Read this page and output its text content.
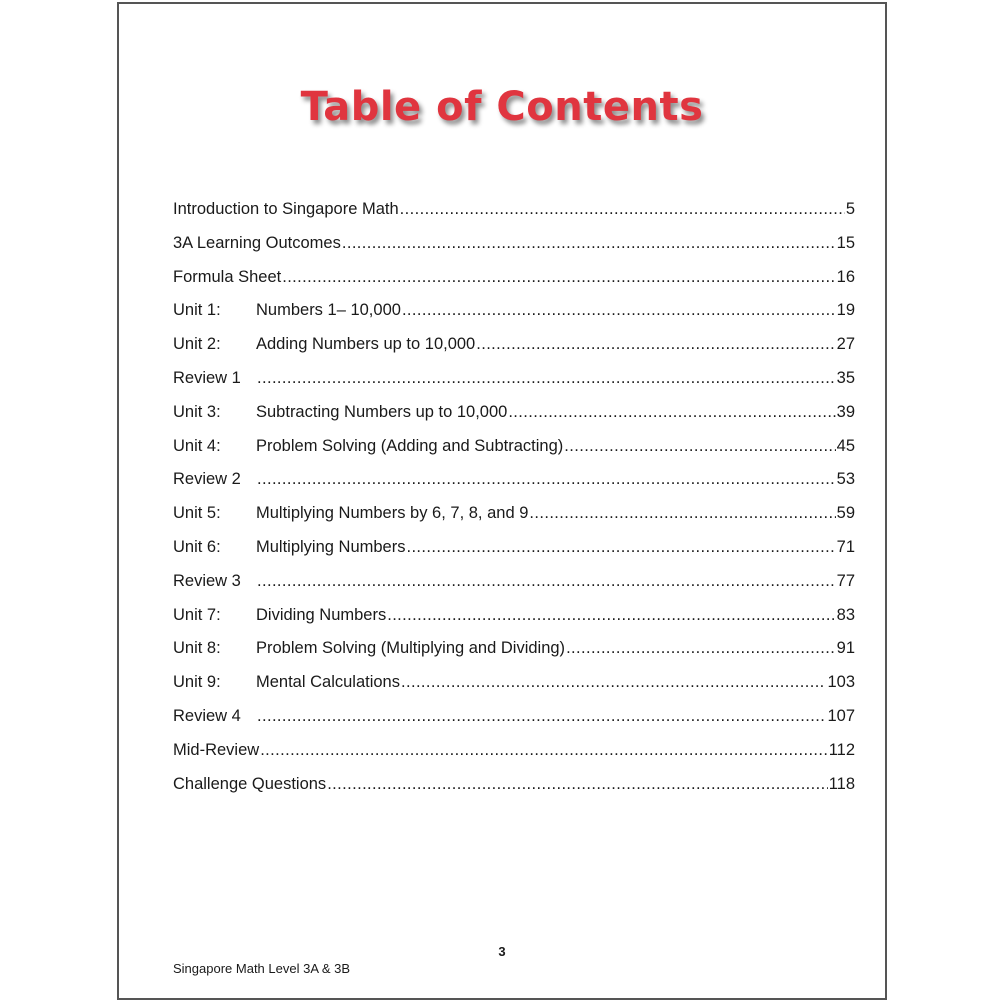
Table of Contents
Introduction to Singapore Math .....	5
3A Learning Outcomes .....	15
Formula Sheet .....	16
Unit 1:	Numbers 1– 10,000 .....	19
Unit 2:	Adding Numbers up to 10,000 .....	27
Review 1 .....	35
Unit 3:	Subtracting Numbers up to 10,000 .....	39
Unit 4:	Problem Solving (Adding and Subtracting) .....	45
Review 2 .....	53
Unit 5:	Multiplying Numbers by 6, 7, 8, and 9 .....	59
Unit 6:	Multiplying Numbers .....	71
Review 3 .....	77
Unit 7:	Dividing Numbers .....	83
Unit 8:	Problem Solving (Multiplying and Dividing) .....	91
Unit 9:	Mental Calculations .....	103
Review 4 .....	107
Mid-Review .....	112
Challenge Questions .....	118
3
Singapore Math Level 3A & 3B
